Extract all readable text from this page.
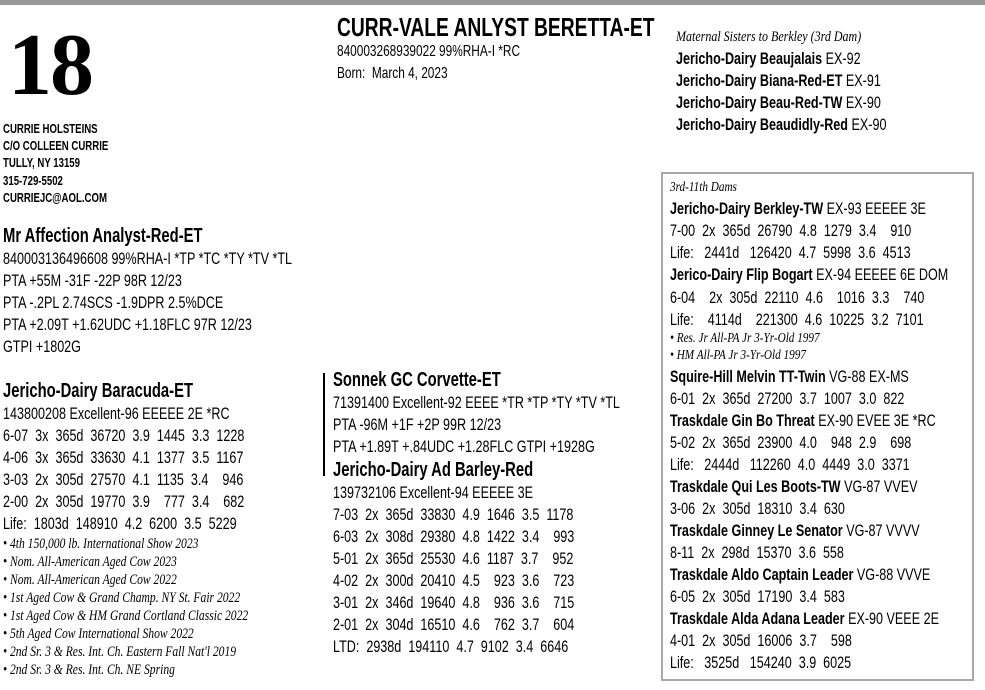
18
CURRIE HOLSTEINS
C/O COLLEEN CURRIE
TULLY, NY 13159
315-729-5502
CURRIEJC@AOL.COM
CURR-VALE ANLYST BERETTA-ET
840003268939022 99%RHA-I *RC
Born:  March 4, 2023
Mr Affection Analyst-Red-ET
840003136496608 99%RHA-I *TP *TC *TY *TV *TL
PTA +55M -31F -22P 98R 12/23
PTA -.2PL 2.74SCS -1.9DPR 2.5%DCE
PTA +2.09T +1.62UDC +1.18FLC 97R 12/23
GTPI +1802G
Jericho-Dairy Baracuda-ET
143800208 Excellent-96 EEEEE 2E *RC
6-07  3x  365d  36720  3.9  1445  3.3  1228
4-06  3x  365d  33630  4.1  1377  3.5  1167
3-03  2x  305d  27570  4.1  1135  3.4    946
2-00  2x  305d  19770  3.9    777  3.4    682
Life:  1803d  148910  4.2  6200  3.5  5229
• 4th 150,000 lb. International Show 2023
• Nom. All-American Aged Cow 2023
• Nom. All-American Aged Cow 2022
• 1st Aged Cow & Grand Champ. NY St. Fair 2022
• 1st Aged Cow & HM Grand Cortland Classic 2022
• 5th Aged Cow International Show 2022
• 2nd Sr. 3 & Res. Int. Ch. Eastern Fall Nat'l 2019
• 2nd Sr. 3 & Res. Int. Ch. NE Spring
Sonnek GC Corvette-ET
71391400 Excellent-92 EEEE *TR *TP *TY *TV *TL
PTA -96M +1F +2P 99R 12/23
PTA +1.89T +.84UDC +1.28FLC GTPI +1928G
Jericho-Dairy Ad Barley-Red
139732106 Excellent-94 EEEEE 3E
7-03  2x  365d  33830  4.9  1646  3.5  1178
6-03  2x  308d  29380  4.8  1422  3.4    993
5-01  2x  365d  25530  4.6  1187  3.7    952
4-02  2x  300d  20410  4.5    923  3.6    723
3-01  2x  346d  19640  4.8    936  3.6    715
2-01  2x  304d  16510  4.6    762  3.7    604
LTD:  2938d  194110  4.7  9102  3.4  6646
Maternal Sisters to Berkley (3rd Dam)
Jericho-Dairy Beaujalais EX-92
Jericho-Dairy Biana-Red-ET EX-91
Jericho-Dairy Beau-Red-TW EX-90
Jericho-Dairy Beaudidly-Red EX-90
3rd-11th Dams
Jericho-Dairy Berkley-TW EX-93 EEEEE 3E
7-00  2x  365d  26790  4.8  1279  3.4    910
Life:   2441d   126420  4.7  5998  3.6  4513
Jerico-Dairy Flip Bogart EX-94 EEEEE 6E DOM
6-04    2x  305d  22110  4.6    1016  3.3    740
Life:    4114d    221300  4.6  10225  3.2  7101
• Res. Jr All-PA Jr 3-Yr-Old 1997
• HM All-PA Jr 3-Yr-Old 1997
Squire-Hill Melvin TT-Twin VG-88 EX-MS
6-01  2x  365d  27200  3.7  1007  3.0  822
Traskdale Gin Bo Threat EX-90 EVEE 3E *RC
5-02  2x  365d  23900  4.0    948  2.9    698
Life:   2444d   112260  4.0  4449  3.0  3371
Traskdale Qui Les Boots-TW VG-87 VVEV
3-06  2x  305d  18310  3.4  630
Traskdale Ginney Le Senator VG-87 VVVV
8-11  2x  298d  15370  3.6  558
Traskdale Aldo Captain Leader VG-88 VVVE
6-05  2x  305d  17190  3.4  583
Traskdale Alda Adana Leader EX-90 VEEE 2E
4-01  2x  305d  16006  3.7    598
Life:   3525d   154240  3.9  6025
